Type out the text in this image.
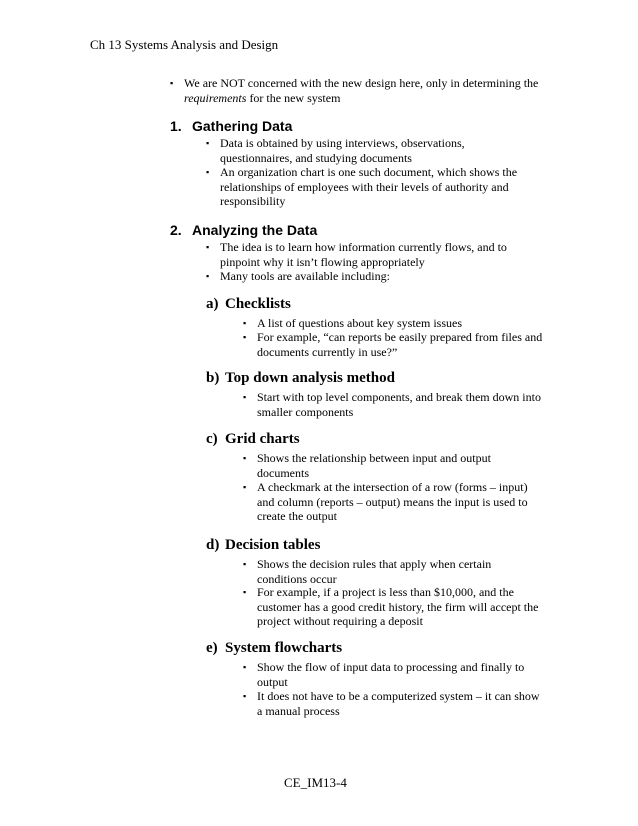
Ch 13 Systems Analysis and Design
▪ We are NOT concerned with the new design here, only in determining the requirements for the new system
1. Gathering Data
▪ Data is obtained by using interviews, observations, questionnaires, and studying documents
▪ An organization chart is one such document, which shows the relationships of employees with their levels of authority and responsibility
2. Analyzing the Data
▪ The idea is to learn how information currently flows, and to pinpoint why it isn’t flowing appropriately
▪ Many tools are available including:
a) Checklists
▪ A list of questions about key system issues
▪ For example, “can reports be easily prepared from files and documents currently in use?”
b) Top down analysis method
▪ Start with top level components, and break them down into smaller components
c) Grid charts
▪ Shows the relationship between input and output documents
▪ A checkmark at the intersection of a row (forms – input) and column (reports – output) means the input is used to create the output
d) Decision tables
▪ Shows the decision rules that apply when certain conditions occur
▪ For example, if a project is less than $10,000, and the customer has a good credit history, the firm will accept the project without requiring a deposit
e) System flowcharts
▪ Show the flow of input data to processing and finally to output
▪ It does not have to be a computerized system – it can show a manual process
CE_IM13-4
